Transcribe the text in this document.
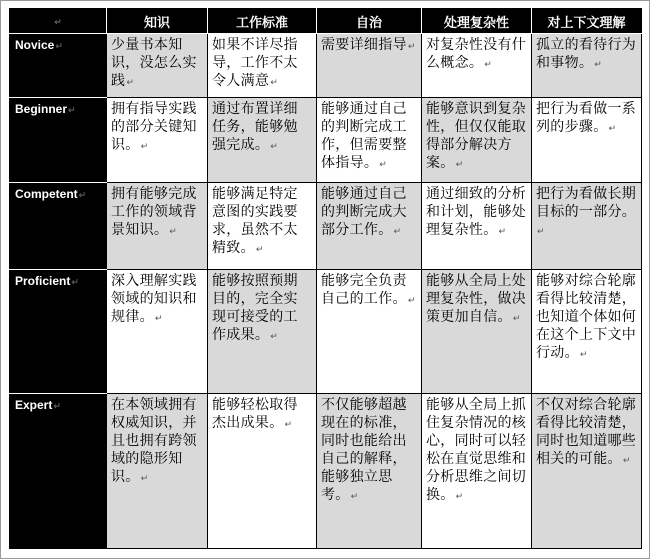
↵	知识	工作标准	自治	处理复杂性	对上下文理解
Novice↵	少量书本知识，没怎么实践↵	如果不详尽指导，工作不太令人满意↵	需要详细指导↵	对复杂性没有什么概念。↵	孤立的看待行为和事物。↵
Beginner↵	拥有指导实践的部分关键知识。↵	通过布置详细任务，能够勉强完成。↵	能够通过自己的判断完成工作，但需要整体指导。↵	能够意识到复杂性，但仅仅能取得部分解决方案。↵	把行为看做一系列的步骤。↵
Competent↵	拥有能够完成工作的领域背景知识。↵	能够满足特定意图的实践要求，虽然不太精致。↵	能够通过自己的判断完成大部分工作。↵	通过细致的分析和计划，能够处理复杂性。↵	把行为看做长期目标的一部分。↵
Proficient↵	深入理解实践领域的知识和规律。↵	能够按照预期目的，完全实现可接受的工作成果。↵	能够完全负责自己的工作。↵	能够从全局上处理复杂性，做决策更加自信。↵	能够对综合轮廓看得比较清楚，也知道个体如何在这个上下文中行动。↵
Expert↵	在本领域拥有权威知识，并且也拥有跨领域的隐形知识。↵	能够轻松取得杰出成果。↵	不仅能够超越现在的标准，同时也能给出自己的解释，能够独立思考。↵	能够从全局上抓住复杂情况的核心，同时可以轻松在直觉思维和分析思维之间切换。↵	不仅对综合轮廓看得比较清楚，同时也知道哪些相关的可能。↵
